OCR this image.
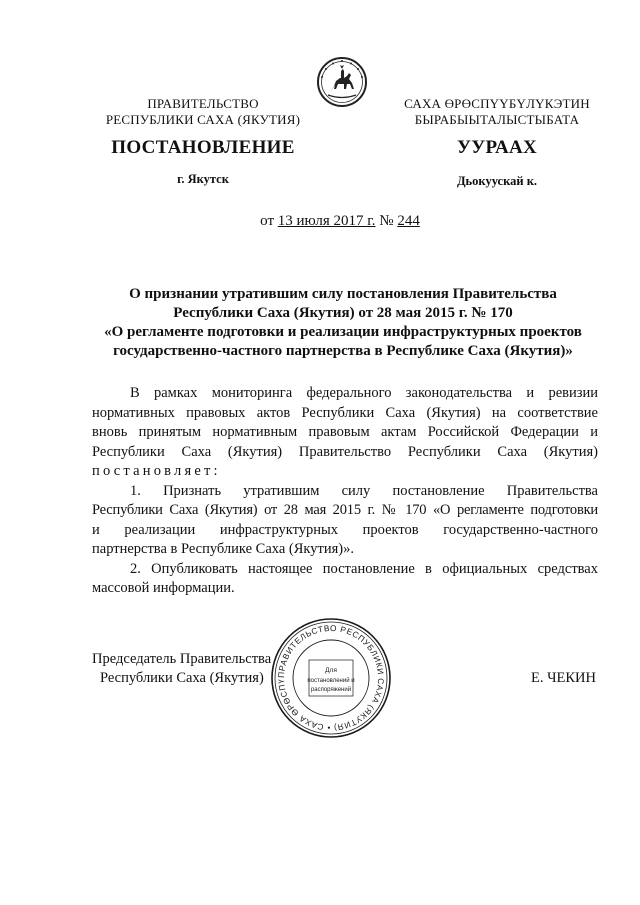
ПРАВИТЕЛЬСТВО
РЕСПУБЛИКИ САХА (ЯКУТИЯ)
САХА ӨРӨСПҮҮБҮЛҮКЭТИН
БЫРАБЫЫТАЛЫСТЫБАТА
ПОСТАНОВЛЕНИЕ	УУРААХ
г. Якутск	Дьокуускай к.
от 13 июля 2017 г. № 244
О признании утратившим силу постановления Правительства
Республики Саха (Якутия) от 28 мая 2015 г. № 170
«О регламенте подготовки и реализации инфраструктурных проектов
государственно-частного партнерства в Республике Саха (Якутия)»
В рамках мониторинга федерального законодательства и ревизии
нормативных правовых актов Республики Саха (Якутия) на соответствие
вновь принятым нормативным правовым актам Российской Федерации и
Республики Саха (Якутия) Правительство Республики Саха (Якутия)
постановляет:
1. Признать утратившим силу постановление Правительства
Республики Саха (Якутия) от 28 мая 2015 г. № 170 «О регламенте подготовки
и реализации инфраструктурных проектов государственно-частного
партнерства в Республике Саха (Якутия)».
2. Опубликовать настоящее постановление в официальных средствах
массовой информации.
Председатель Правительства
Республики Саха (Якутия)	Е. ЧЕКИН
ПРАВИТЕЛЬСТВО РЕСПУБЛИКИ САХА (ЯКУТИЯ) • САХА ӨРӨСПҮ
Для
постановлений и
распоряжений
